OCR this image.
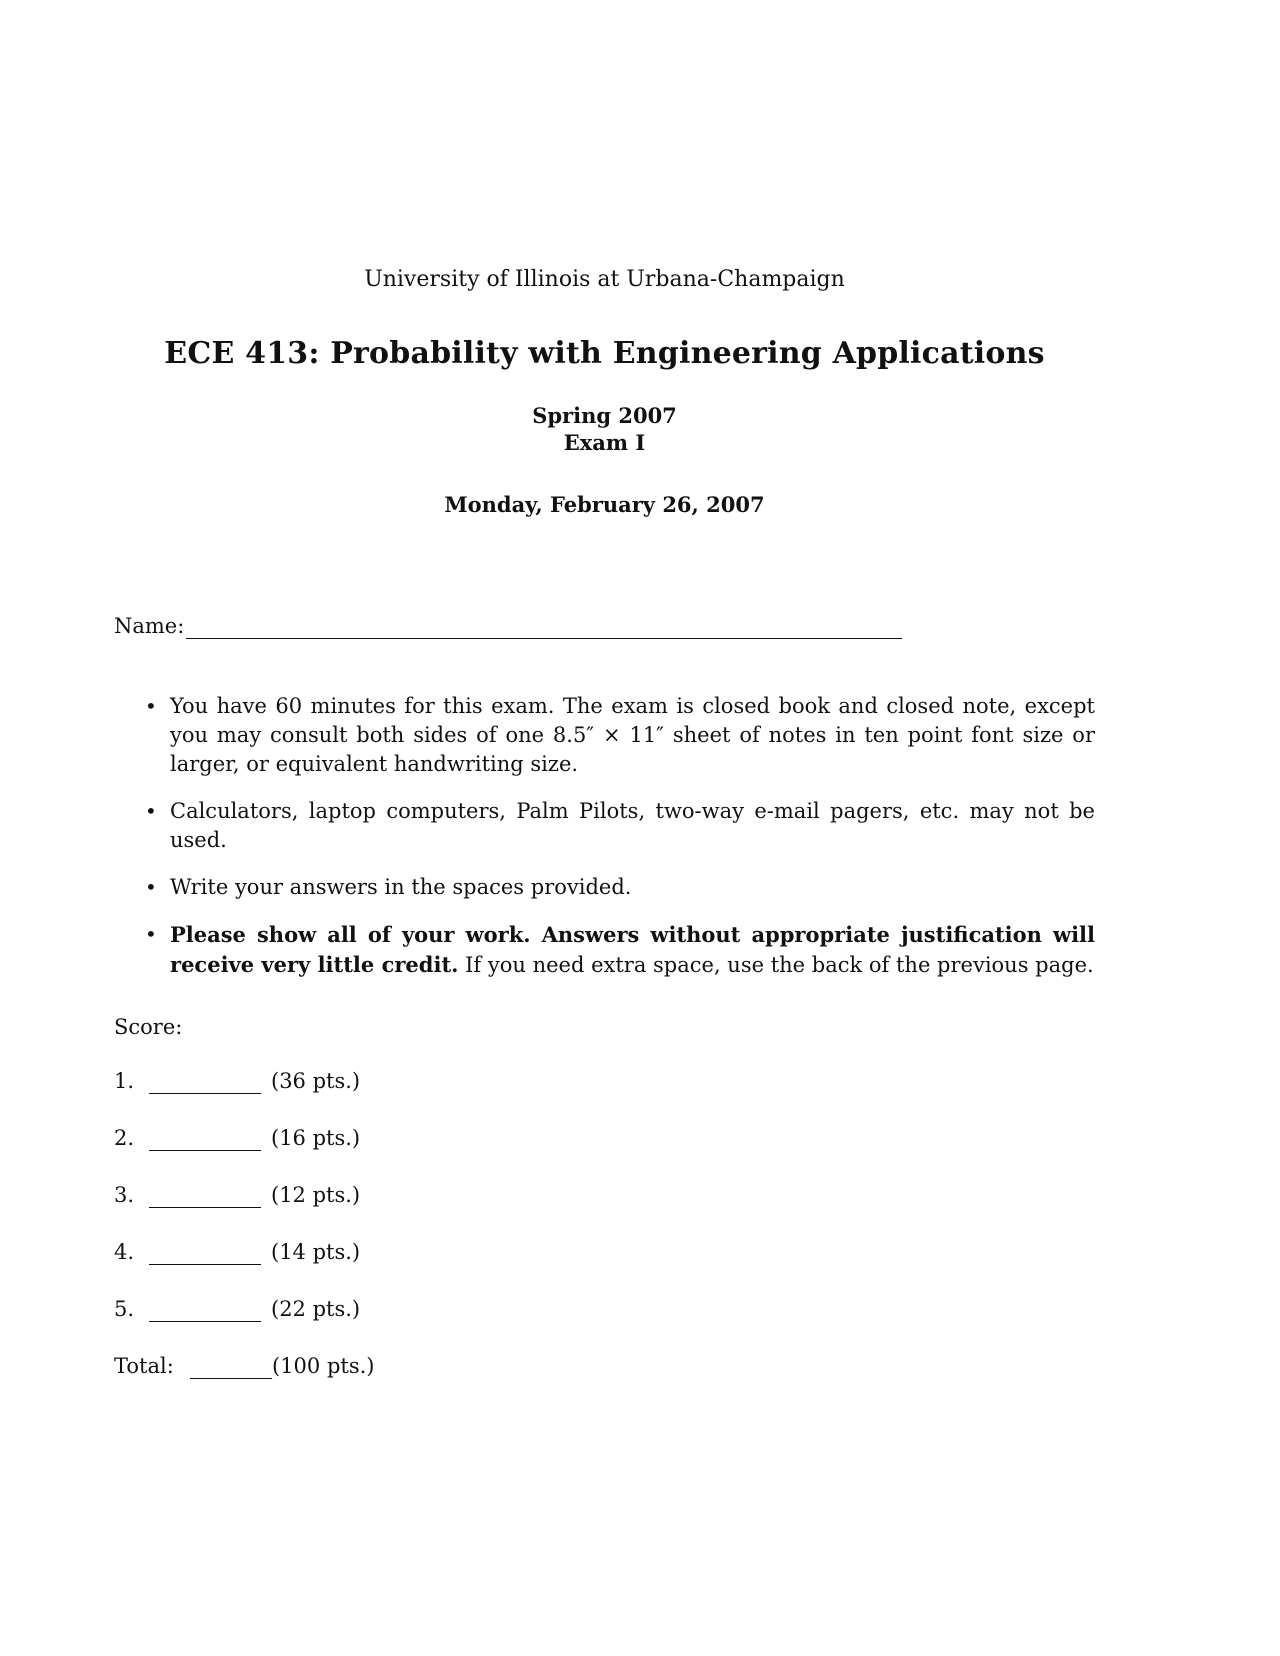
University of Illinois at Urbana-Champaign
ECE 413: Probability with Engineering Applications
Spring 2007
Exam I
Monday, February 26, 2007
Name:
• You have 60 minutes for this exam. The exam is closed book and closed note, except you may consult both sides of one 8.5″ × 11″ sheet of notes in ten point font size or larger, or equivalent handwriting size.
• Calculators, laptop computers, Palm Pilots, two-way e-mail pagers, etc. may not be used.
• Write your answers in the spaces provided.
• Please show all of your work. Answers without appropriate justification will receive very little credit. If you need extra space, use the back of the previous page.
Score:
1.	(36 pts.)
2.	(16 pts.)
3.	(12 pts.)
4.	(14 pts.)
5.	(22 pts.)
Total:	(100 pts.)
